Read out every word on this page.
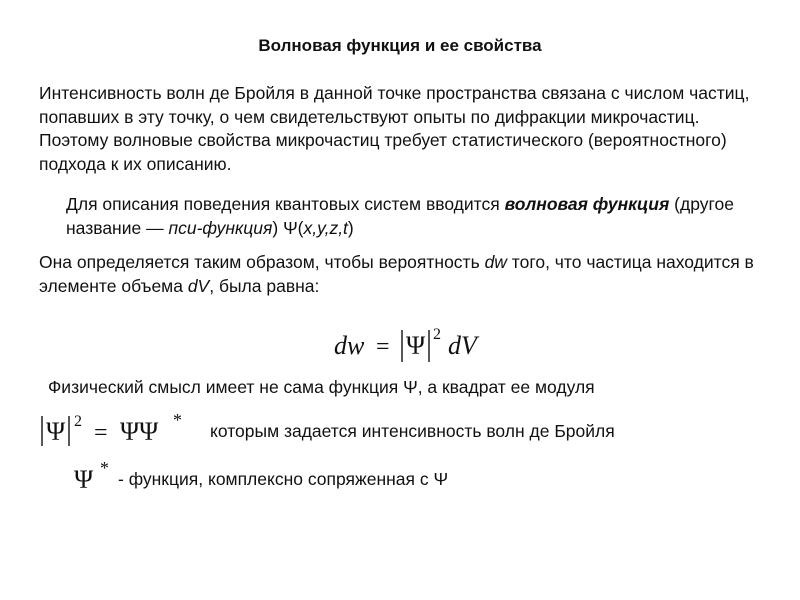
Волновая функция и ее свойства
Интенсивность волн де Бройля в данной точке пространства связана с числом частиц, попавших в эту точку, о чем свидетельствуют опыты по дифракции микрочастиц. Поэтому волновые свойства микрочастиц требует статистического (вероятностного) подхода к их описанию.
Для описания поведения квантовых систем вводится волновая функция (другое название — пси-функция) Ψ(x,y,z,t)
Она определяется таким образом, чтобы вероятность dw того, что частица находится в элементе объема dV, была равна:
dw = Ψ 2 dV
Физический смысл имеет не сама функция Ψ, а квадрат ее модуля
Ψ 2 = ΨΨ *
которым задается интенсивность волн де Бройля
Ψ *
- функция, комплексно сопряженная с Ψ
